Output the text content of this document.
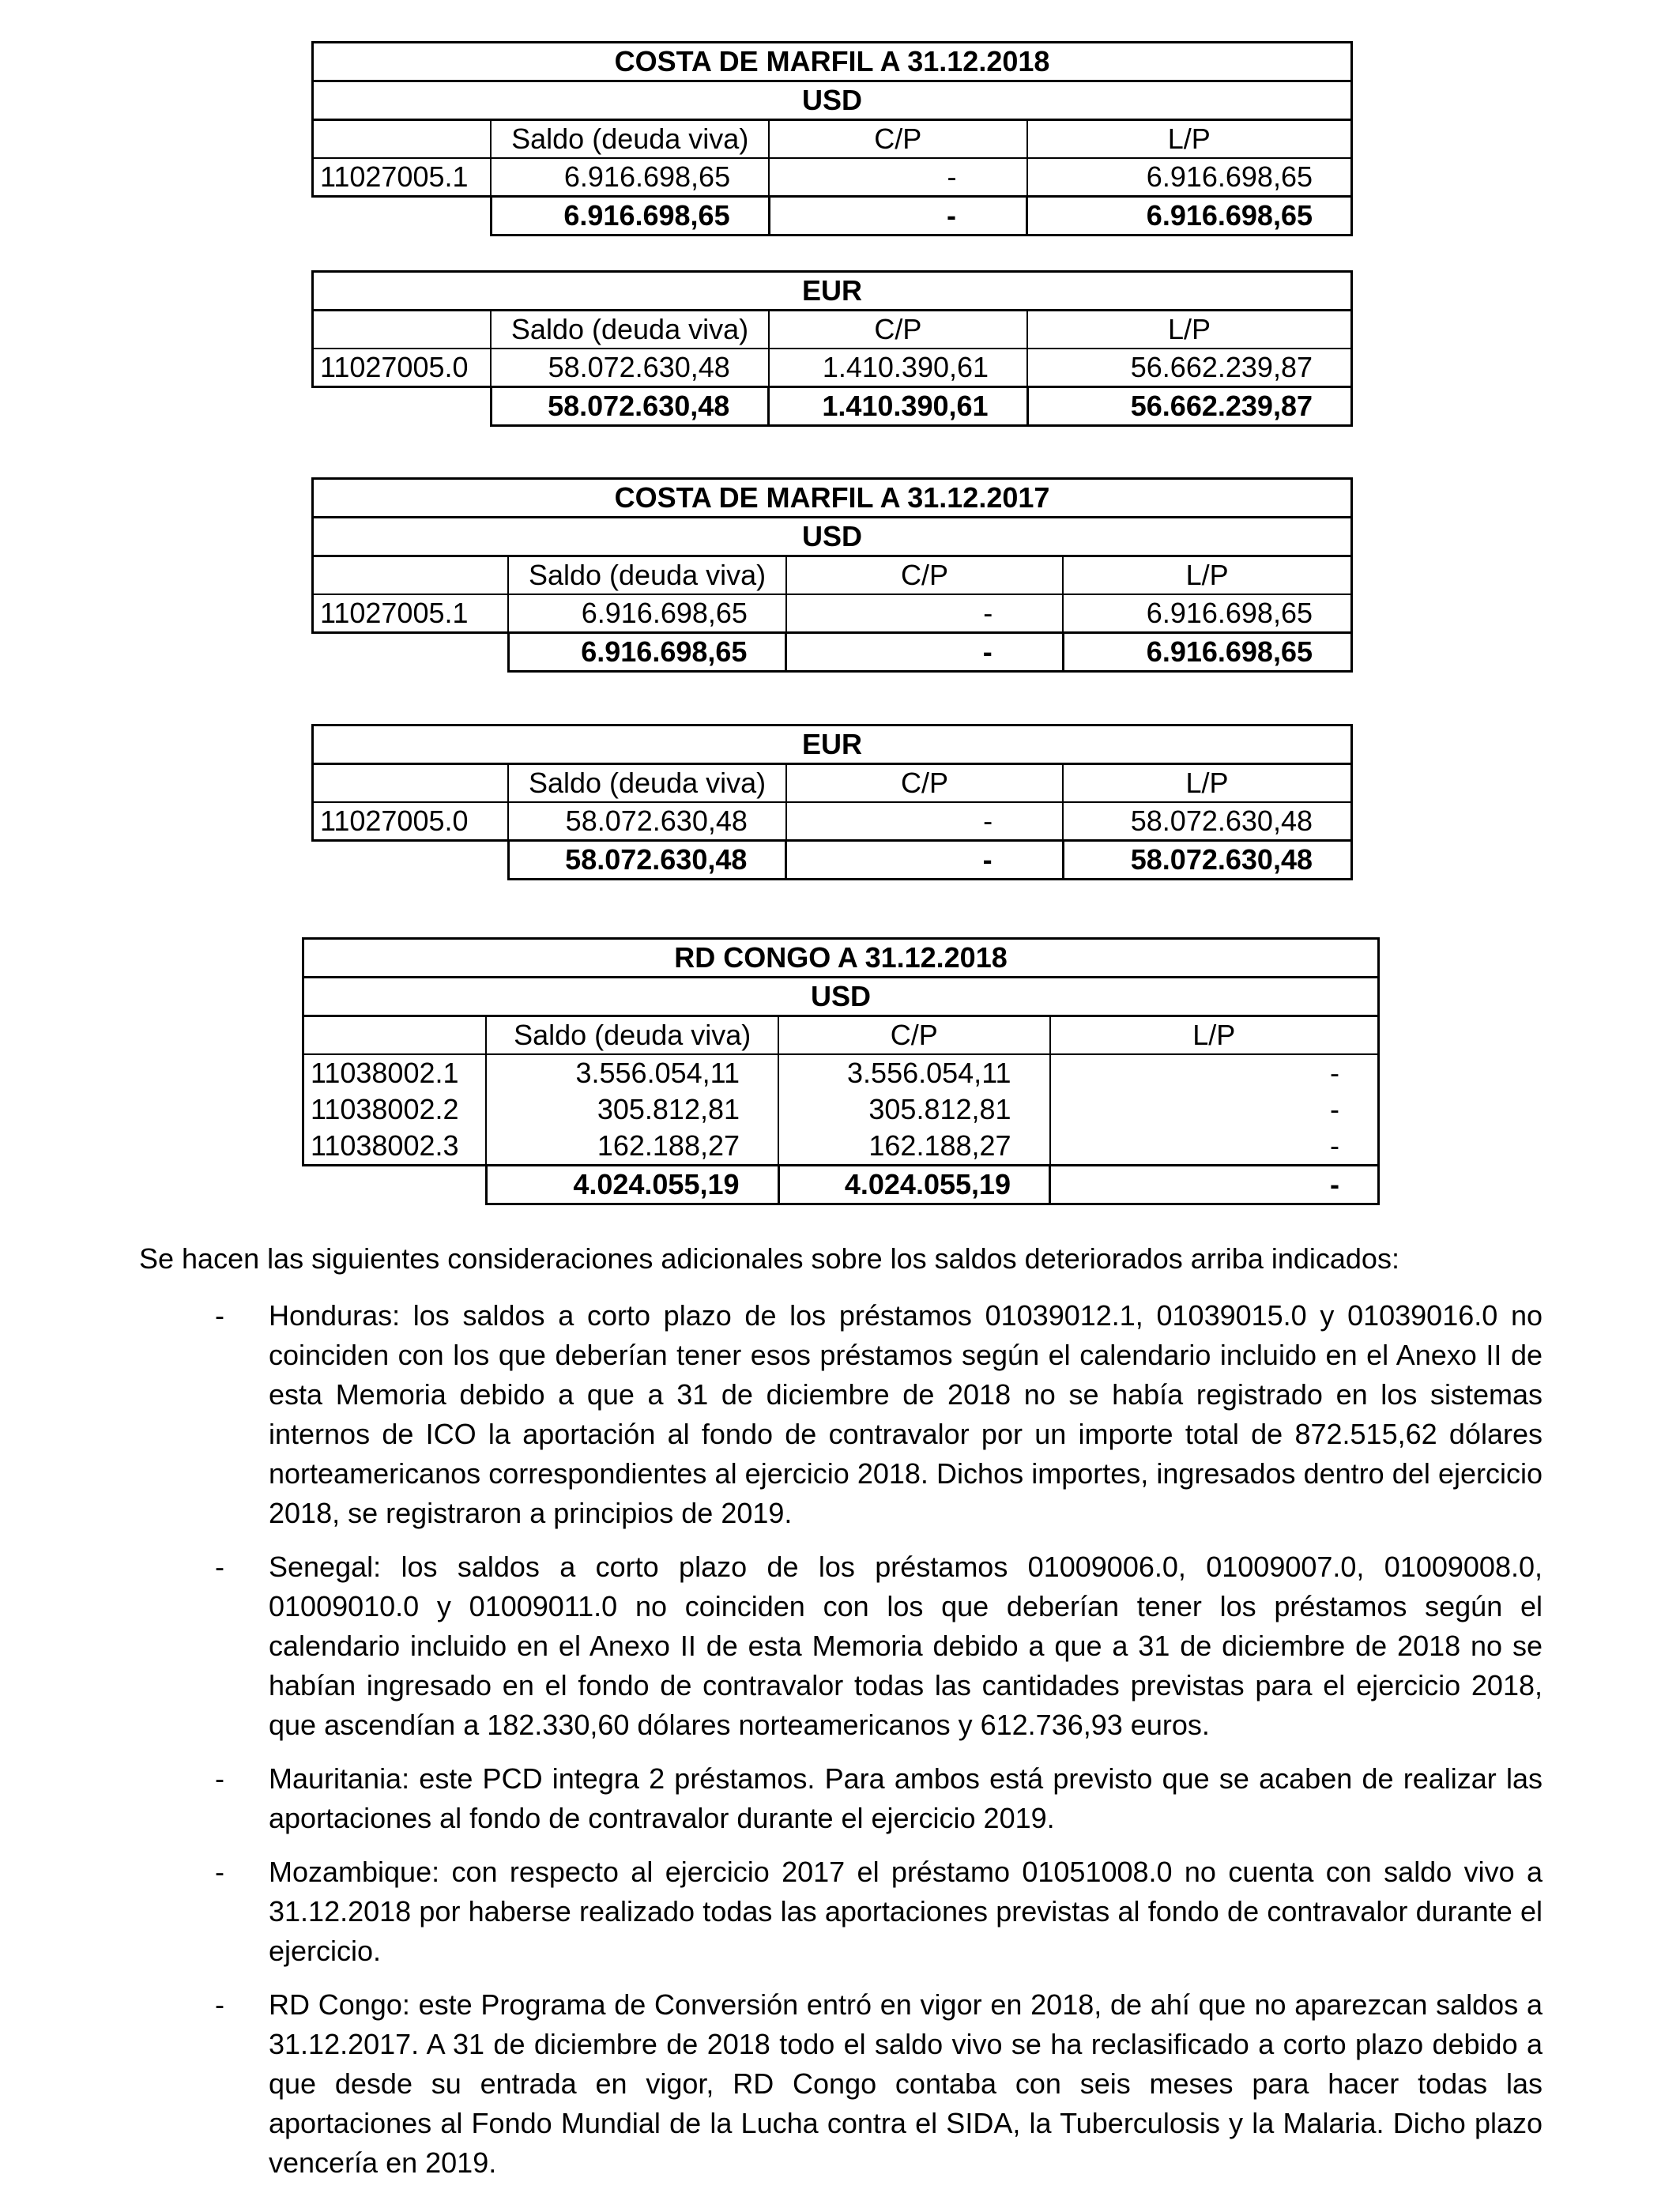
COSTA DE MARFIL A 31.12.2018			
USD			
	Saldo (deuda viva)	C/P	L/P
11027005.1	6.916.698,65	-	6.916.698,65
	6.916.698,65	-	6.916.698,65
EUR			
	Saldo (deuda viva)	C/P	L/P
11027005.0	58.072.630,48	1.410.390,61	56.662.239,87
	58.072.630,48	1.410.390,61	56.662.239,87
COSTA DE MARFIL A 31.12.2017			
USD			
	Saldo (deuda viva)	C/P	L/P
11027005.1	6.916.698,65	-	6.916.698,65
	6.916.698,65	-	6.916.698,65
EUR			
	Saldo (deuda viva)	C/P	L/P
11027005.0	58.072.630,48	-	58.072.630,48
	58.072.630,48	-	58.072.630,48
RD CONGO A 31.12.2018			
USD			
	Saldo (deuda viva)	C/P	L/P
11038002.1	3.556.054,11	3.556.054,11	-
11038002.2	305.812,81	305.812,81	-
11038002.3	162.188,27	162.188,27	-
	4.024.055,19	4.024.055,19	-
Se hacen las siguientes consideraciones adicionales sobre los saldos deteriorados arriba indicados:
- Honduras: los saldos a corto plazo de los préstamos 01039012.1, 01039015.0 y 01039016.0 no coinciden con los que deberían tener esos préstamos según el calendario incluido en el Anexo II de esta Memoria debido a que a 31 de diciembre de 2018 no se había registrado en los sistemas internos de ICO la aportación al fondo de contravalor por un importe total de 872.515,62 dólares norteamericanos correspondientes al ejercicio 2018. Dichos importes, ingresados dentro del ejercicio 2018, se registraron a principios de 2019.
- Senegal: los saldos a corto plazo de los préstamos 01009006.0, 01009007.0, 01009008.0, 01009010.0 y 01009011.0 no coinciden con los que deberían tener los préstamos según el calendario incluido en el Anexo II de esta Memoria debido a que a 31 de diciembre de 2018 no se habían ingresado en el fondo de contravalor todas las cantidades previstas para el ejercicio 2018, que ascendían a 182.330,60 dólares norteamericanos y 612.736,93 euros.
- Mauritania: este PCD integra 2 préstamos. Para ambos está previsto que se acaben de realizar las aportaciones al fondo de contravalor durante el ejercicio 2019.
- Mozambique: con respecto al ejercicio 2017 el préstamo 01051008.0 no cuenta con saldo vivo a 31.12.2018 por haberse realizado todas las aportaciones previstas al fondo de contravalor durante el ejercicio.
- RD Congo: este Programa de Conversión entró en vigor en 2018, de ahí que no aparezcan saldos a 31.12.2017. A 31 de diciembre de 2018 todo el saldo vivo se ha reclasificado a corto plazo debido a que desde su entrada en vigor, RD Congo contaba con seis meses para hacer todas las aportaciones al Fondo Mundial de la Lucha contra el SIDA, la Tuberculosis y la Malaria. Dicho plazo vencería en 2019.
